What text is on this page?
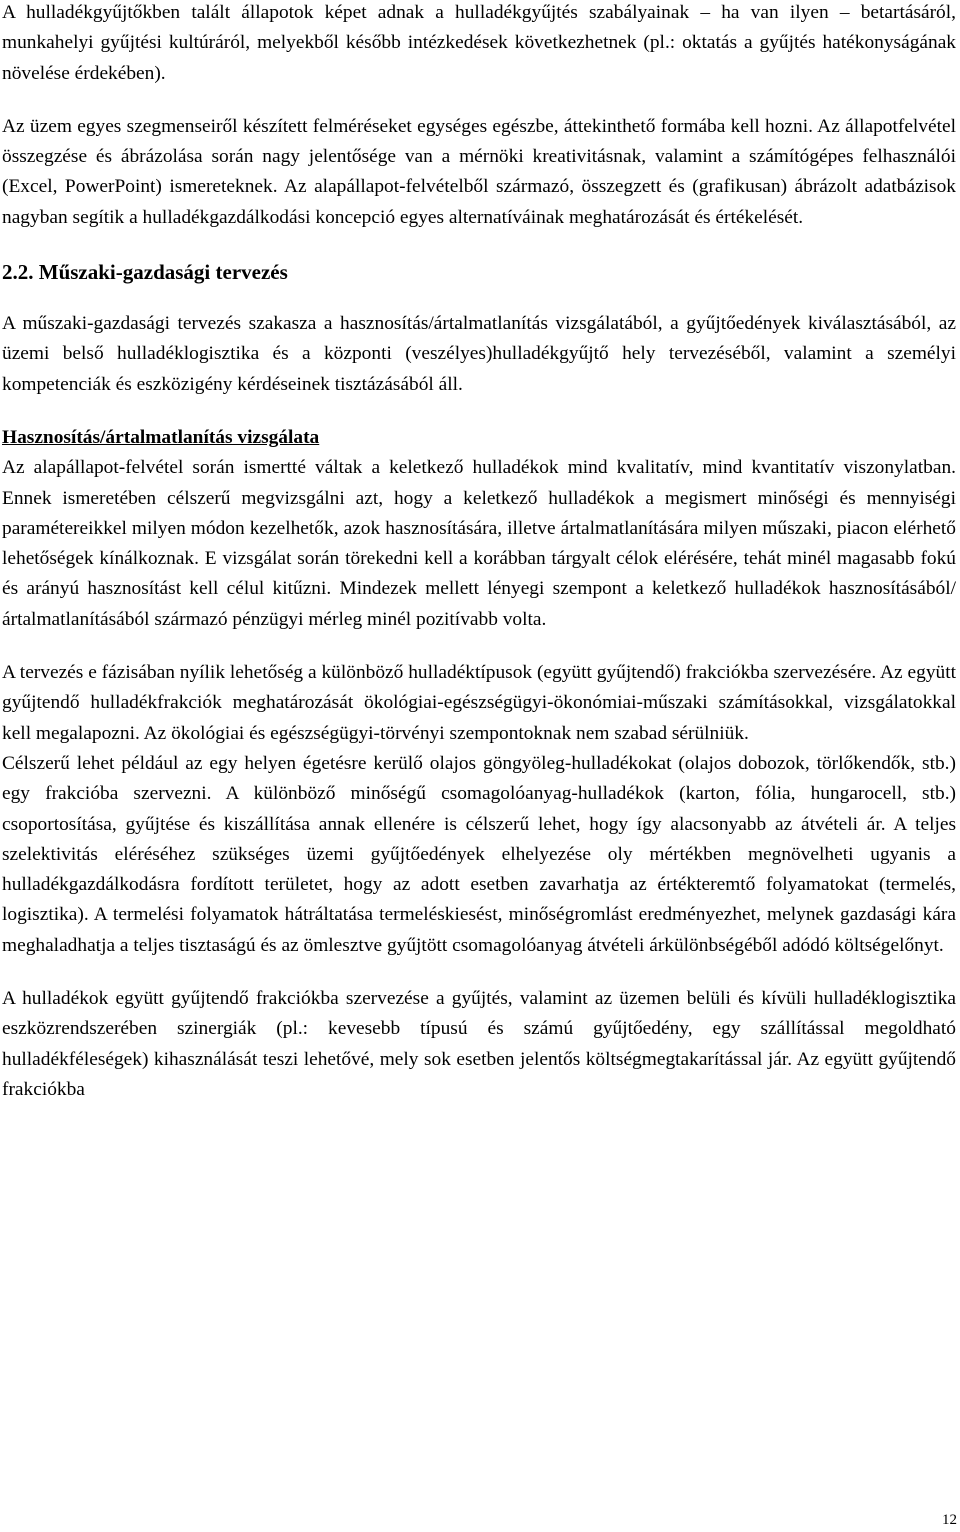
A hulladékgyűjtőkben talált állapotok képet adnak a hulladékgyűjtés szabályainak – ha van ilyen – betartásáról, munkahelyi gyűjtési kultúráról, melyekből később intézkedések következhetnek (pl.: oktatás a gyűjtés hatékonyságának növelése érdekében).

Az üzem egyes szegmenseiről készített felméréseket egységes egészbe, áttekinthető formába kell hozni. Az állapotfelvétel összegzése és ábrázolása során nagy jelentősége van a mérnöki kreativitásnak, valamint a számítógépes felhasználói (Excel, PowerPoint) ismereteknek. Az alapállapot-felvételből származó, összegzett és (grafikusan) ábrázolt adatbázisok nagyban segítik a hulladékgazdálkodási koncepció egyes alternatíváinak meghatározását és értékelését.

2.2. Műszaki-gazdasági tervezés

A műszaki-gazdasági tervezés szakasza a hasznosítás/ártalmatlanítás vizsgálatából, a gyűjtőedények kiválasztásából, az üzemi belső hulladéklogisztika és a központi (veszélyes)hulladékgyűjtő hely tervezéséből, valamint a személyi kompetenciák és eszközigény kérdéseinek tisztázásából áll.

Hasznosítás/ártalmatlanítás vizsgálata

Az alapállapot-felvétel során ismertté váltak a keletkező hulladékok mind kvalitatív, mind kvantitatív viszonylatban. Ennek ismeretében célszerű megvizsgálni azt, hogy a keletkező hulladékok a megismert minőségi és mennyiségi paramétereikkel milyen módon kezelhetők, azok hasznosítására, illetve ártalmatlanítására milyen műszaki, piacon elérhető lehetőségek kínálkoznak. E vizsgálat során törekedni kell a korábban tárgyalt célok elérésére, tehát minél magasabb fokú és arányú hasznosítást kell célul kitűzni. Mindezek mellett lényegi szempont a keletkező hulladékok hasznosításából/ártalmatlanításából származó pénzügyi mérleg minél pozitívabb volta.

A tervezés e fázisában nyílik lehetőség a különböző hulladéktípusok (együtt gyűjtendő) frakciókba szervezésére. Az együtt gyűjtendő hulladékfrakciók meghatározását ökológiai-egészségügyi-ökonómiai-műszaki számításokkal, vizsgálatokkal kell megalapozni. Az ökológiai és egészségügyi-törvényi szempontoknak nem szabad sérülniük.

Célszerű lehet például az egy helyen égetésre kerülő olajos göngyöleg-hulladékokat (olajos dobozok, törlőkendők, stb.) egy frakcióba szervezni. A különböző minőségű csomagolóanyag-hulladékok (karton, fólia, hungarocell, stb.) csoportosítása, gyűjtése és kiszállítása annak ellenére is célszerű lehet, hogy így alacsonyabb az átvételi ár. A teljes szelektivitás eléréséhez szükséges üzemi gyűjtőedények elhelyezése oly mértékben megnövelheti ugyanis a hulladékgazdálkodásra fordított területet, hogy az adott esetben zavarhatja az értékteremtő folyamatokat (termelés, logisztika). A termelési folyamatok hátráltatása termeléskiesést, minőségromlást eredményezhet, melynek gazdasági kára meghaladhatja a teljes tisztaságú és az ömlesztve gyűjtött csomagolóanyag átvételi árkülönbségéből adódó költségelőnyt.

A hulladékok együtt gyűjtendő frakciókba szervezése a gyűjtés, valamint az üzemen belüli és kívüli hulladéklogisztika eszközrendszerében szinergiák (pl.: kevesebb típusú és számú gyűjtőedény, egy szállítással megoldható hulladékféleségek) kihasználását teszi lehetővé, mely sok esetben jelentős költségmegtakarítással jár. Az együtt gyűjtendő frakciókba

12
